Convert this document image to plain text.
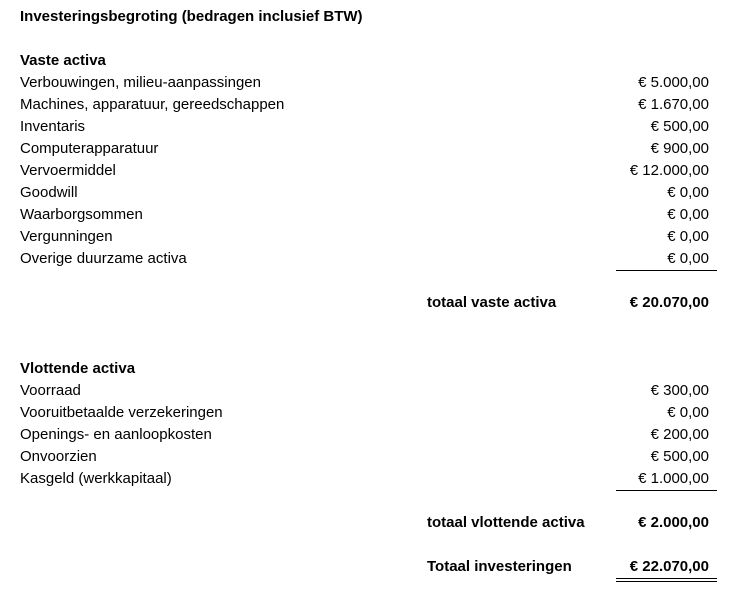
Investeringsbegroting (bedragen inclusief BTW)
Vaste activa
Verbouwingen, milieu-aanpassingen	€ 5.000,00
Machines, apparatuur, gereedschappen	€ 1.670,00
Inventaris	€ 500,00
Computerapparatuur	€ 900,00
Vervoermiddel	€ 12.000,00
Goodwill	€ 0,00
Waarborgsommen	€ 0,00
Vergunningen	€ 0,00
Overige duurzame activa	€ 0,00
totaal vaste activa	€ 20.070,00
Vlottende activa
Voorraad	€ 300,00
Vooruitbetaalde verzekeringen	€ 0,00
Openings- en aanloopkosten	€ 200,00
Onvoorzien	€ 500,00
Kasgeld (werkkapitaal)	€ 1.000,00
totaal vlottende activa	€ 2.000,00
Totaal investeringen	€ 22.070,00
